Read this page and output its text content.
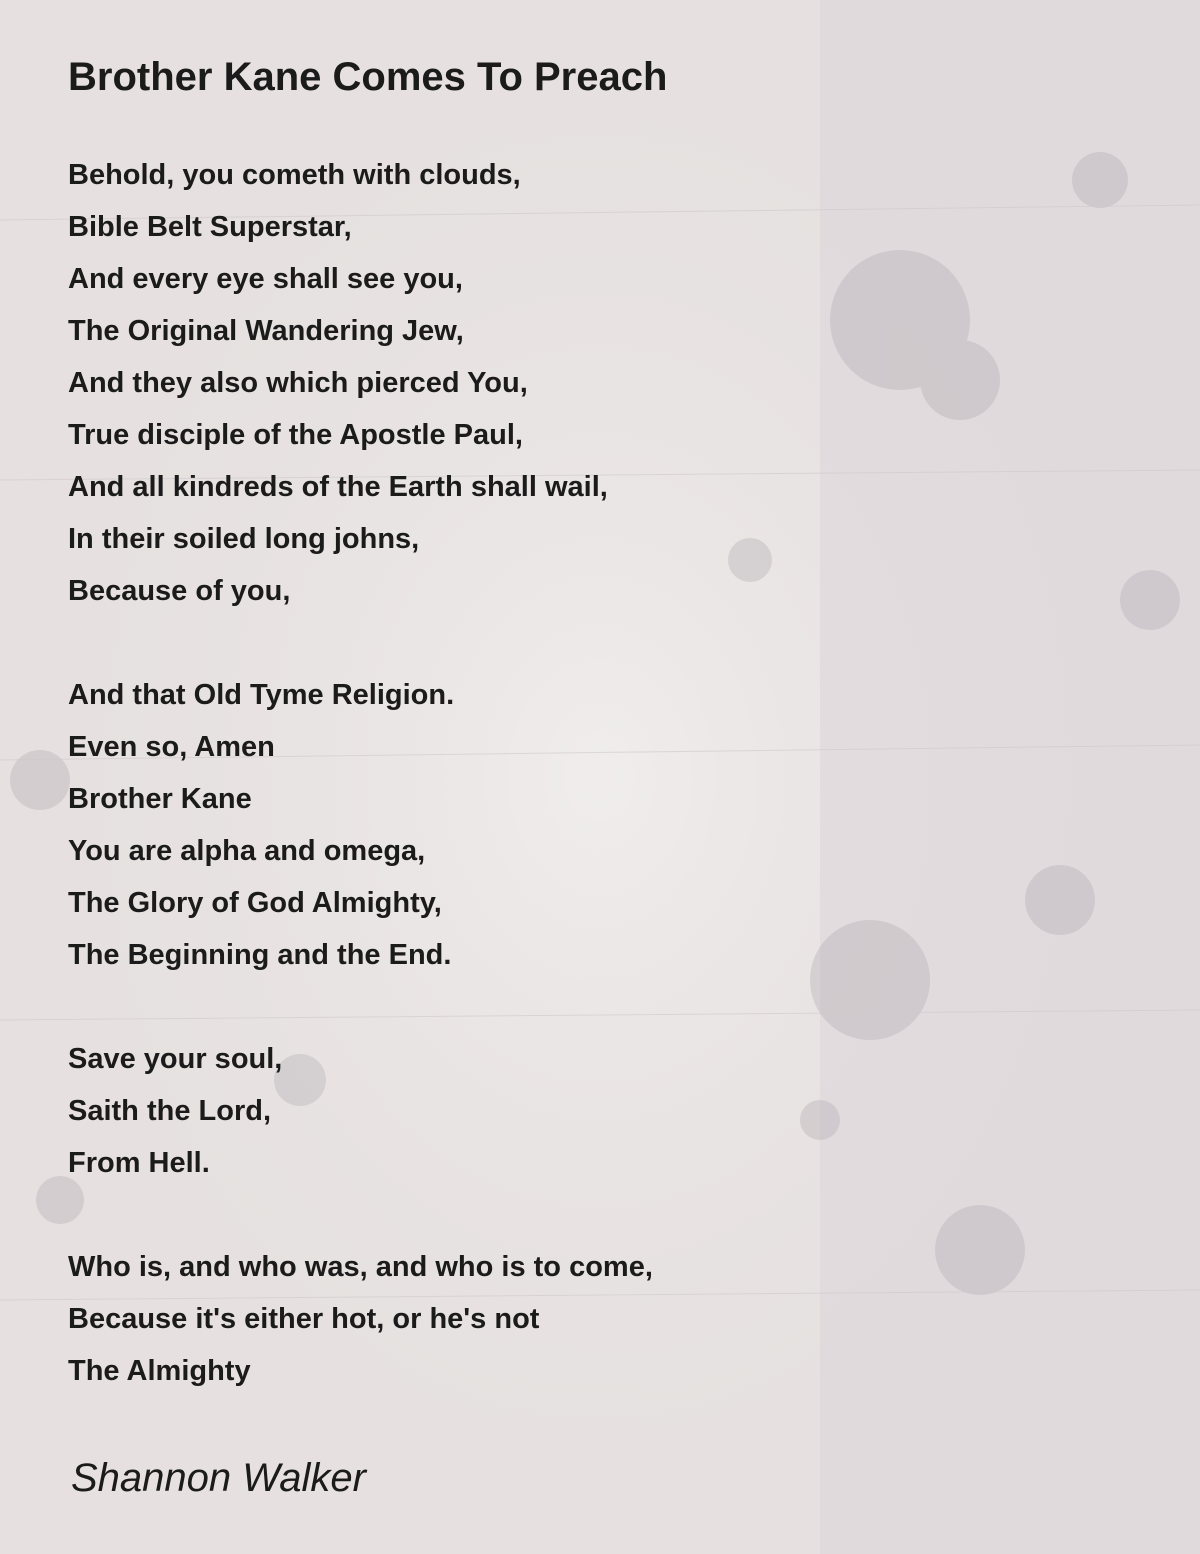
Brother Kane Comes To Preach
Behold, you cometh with clouds,
Bible Belt Superstar,
And every eye shall see you,
The Original Wandering Jew,
And they also which pierced You,
True disciple of the Apostle Paul,
And all kindreds of the Earth shall wail,
In their soiled long johns,
Because of you,
And that Old Tyme Religion.
Even so, Amen
Brother Kane
You are alpha and omega,
The Glory of God Almighty,
The Beginning and the End.
Save your soul,
Saith the Lord,
From Hell.
Who is, and who was, and who is to come,
Because it's either hot, or he's not
The Almighty

Shannon Walker
